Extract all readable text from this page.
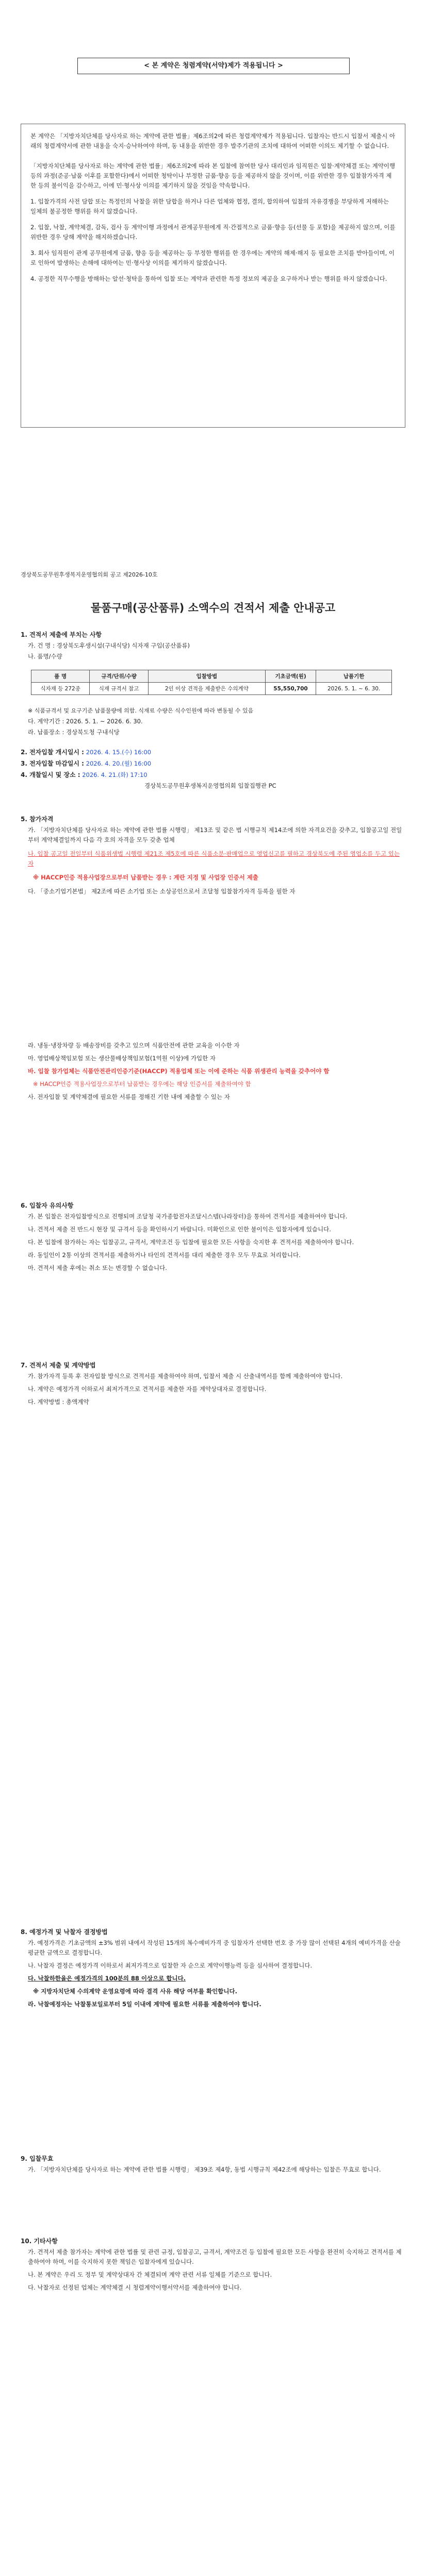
< 본 계약은 청렴계약(서약)제가 적용됩니다 >

본 계약은 「지방자치단체를 당사자로 하는 계약에 관한 법률」제6조의2에 따른 청렴계약제가 적용됩니다. 입찰자는 반드시 입찰서 제출시 아래의 청렴계약서에 관한 내용을 숙지·승낙하여야 하며, 동 내용을 위반한 경우 발주기관의 조치에 대하여 어떠한 이의도 제기할 수 없습니다.

「지방자치단체를 당사자로 하는 계약에 관한 법률」제6조의2에 따라 본 입찰에 참여한 당사 대리인과 임직원은 입찰·계약체결 또는 계약이행 등의 과정(준공·납품 이후를 포함한다)에서 어떠한 청탁이나 부정한 금품·향응 등을 제공하지 않을 것이며, 이를 위반한 경우 입찰참가자격 제한 등의 불이익을 감수하고, 이에 민·형사상 이의를 제기하지 않을 것임을 약속합니다.

1. 입찰가격의 사전 담합 또는 특정인의 낙찰을 위한 담합을 하거나 다른 업체와 협정, 결의, 합의하여 입찰의 자유경쟁을 부당하게 저해하는 일체의 불공정한 행위를 하지 않겠습니다.

2. 입찰, 낙찰, 계약체결, 감독, 검사 등 계약이행 과정에서 관계공무원에게 직·간접적으로 금품·향응 등(선물 등 포함)을 제공하지 않으며, 이를 위반한 경우 당해 계약을 해지하겠습니다.

3. 회사 임직원이 관계 공무원에게 금품, 향응 등을 제공하는 등 부정한 행위를 한 경우에는 계약의 해제·해지 등 필요한 조치를 받아들이며, 이로 인하여 발생하는 손해에 대하여는 민·형사상 이의를 제기하지 않겠습니다.

4. 공정한 직무수행을 방해하는 알선·청탁을 통하여 입찰 또는 계약과 관련한 특정 정보의 제공을 요구하거나 받는 행위를 하지 않겠습니다.

경상북도공무원후생복지운영협의회 공고 제2026-10호
물품구매(공산품류) 소액수의 견적서 제출 안내공고

1. 견적서 제출에 부치는 사항

가. 건 명 : 경상북도후생시설(구내식당) 식자재 구입(공산품류)

나. 품명/수량

품 명	규격/단위/수량	입찰방법	기초금액(원)	납품기한
식자재 등 272종	식재 규격서 참고	2인 이상 견적을 제출받은 수의계약	55,550,700	2026. 5. 1. ~ 6. 30.

※ 식품규격서 및 요구기준 납품물량에 의함. 식재료 수량은 식수인원에 따라 변동될 수 있음

다. 계약기간 : 2026. 5. 1. ~ 2026. 6. 30.

라. 납품장소 : 경상북도청 구내식당

2. 전자입찰 개시일시 : 2026. 4. 15.(수) 16:00

3. 전자입찰 마감일시 : 2026. 4. 20.(월) 16:00

4. 개찰일시 및 장소 : 2026. 4. 21.(화) 17:10

경상북도공무원후생복지운영협의회 입찰집행관 PC

5. 참가자격

가. 「지방자치단체를 당사자로 하는 계약에 관한 법률 시행령」 제13조 및 같은 법 시행규칙 제14조에 의한 자격요건을 갖추고, 입찰공고일 전일부터 계약체결일까지 다음 각 호의 자격을 모두 갖춘 업체

나. 입찰 공고일 전일부터 식품위생법 시행령 제21조 제5호에 따른 식품소분·판매업으로 영업신고를 필하고 경상북도에 주된 영업소를 두고 있는 자

※ HACCP인증 적용사업장으로부터 납품받는 경우 : 계란 지정 및 사업장 인증서 제출

다. 「중소기업기본법」 제2조에 따른 소기업 또는 소상공인으로서 조달청 입찰참가자격 등록을 필한 자

라. 냉동·냉장차량 등 배송장비를 갖추고 있으며 식품안전에 관한 교육을 이수한 자

마. 영업배상책임보험 또는 생산물배상책임보험(1억원 이상)에 가입한 자

바. 입찰 참가업체는 식품안전관리인증기준(HACCP) 적용업체 또는 이에 준하는 식품 위생관리 능력을 갖추어야 함

※ HACCP인증 적용사업장으로부터 납품받는 경우에는 해당 인증서를 제출하여야 함

사. 전자입찰 및 계약체결에 필요한 서류를 정해진 기한 내에 제출할 수 있는 자

6. 입찰자 유의사항

가. 본 입찰은 전자입찰방식으로 진행되며 조달청 국가종합전자조달시스템(나라장터)을 통하여 견적서를 제출하여야 합니다.

나. 견적서 제출 전 반드시 현장 및 규격서 등을 확인하시기 바랍니다. 미확인으로 인한 불이익은 입찰자에게 있습니다.

다. 본 입찰에 참가하는 자는 입찰공고, 규격서, 계약조건 등 입찰에 필요한 모든 사항을 숙지한 후 견적서를 제출하여야 합니다.

라. 동일인이 2통 이상의 견적서를 제출하거나 타인의 견적서를 대리 제출한 경우 모두 무효로 처리합니다.

마. 견적서 제출 후에는 취소 또는 변경할 수 없습니다.

7. 견적서 제출 및 계약방법

가. 참가자격 등록 후 전자입찰 방식으로 견적서를 제출하여야 하며, 입찰서 제출 시 산출내역서를 함께 제출하여야 합니다.

나. 계약은 예정가격 이하로서 최저가격으로 견적서를 제출한 자를 계약상대자로 결정합니다.

다. 계약방법 : 총액계약

8. 예정가격 및 낙찰자 결정방법

가. 예정가격은 기초금액의 ±3% 범위 내에서 작성된 15개의 복수예비가격 중 입찰자가 선택한 번호 중 가장 많이 선택된 4개의 예비가격을 산술평균한 금액으로 결정합니다.

나. 낙찰자 결정은 예정가격 이하로서 최저가격으로 입찰한 자 순으로 계약이행능력 등을 심사하여 결정합니다.

다. 낙찰하한율은 예정가격의 100분의 88 이상으로 합니다.

※ 지방자치단체 수의계약 운영요령에 따라 결격 사유 해당 여부를 확인합니다.

라. 낙찰예정자는 낙찰통보일로부터 5일 이내에 계약에 필요한 서류를 제출하여야 합니다.

9. 입찰무효

가. 「지방자치단체를 당사자로 하는 계약에 관한 법률 시행령」 제39조 제4항, 동법 시행규칙 제42조에 해당하는 입찰은 무효로 합니다.

10. 기타사항

가. 견적서 제출 참가자는 계약에 관한 법률 및 관련 규정, 입찰공고, 규격서, 계약조건 등 입찰에 필요한 모든 사항을 완전히 숙지하고 견적서를 제출하여야 하며, 이를 숙지하지 못한 책임은 입찰자에게 있습니다.

나. 본 계약은 우리 도 정부 및 계약상대자 간 체결되며 계약 관련 서류 일체를 기준으로 합니다.

다. 낙찰자로 선정된 업체는 계약체결 시 청렴계약이행서약서를 제출하여야 합니다.
